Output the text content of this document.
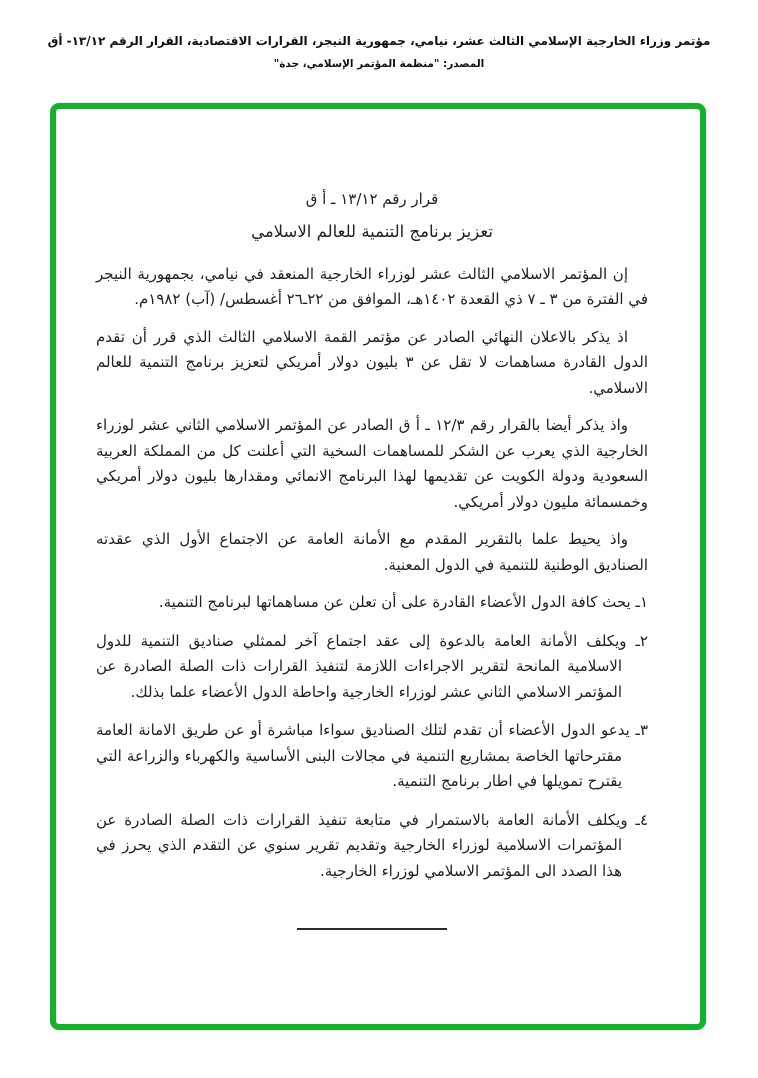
مؤتمر وزراء الخارجية الإسلامي الثالث عشر، نيامي، جمهورية النيجر، القرارات الاقتصادية، القرار الرقم ١٣/١٢- أق
المصدر: "منظمة المؤتمر الإسلامي، جدة"
قرار رقم ١٣/١٢ ـ أ ق
تعزيز برنامج التنمية للعالم الاسلامي

إن المؤتمر الاسلامي الثالث عشر لوزراء الخارجية المنعقد في نيامي، بجمهورية النيجر في الفترة من ٣ ـ ٧ ذي القعدة ١٤٠٢هـ، الموافق من ٢٢ـ٢٦ أغسطس/ (آب) ١٩٨٢م.

اذ يذكر بالاعلان النهائي الصادر عن مؤتمر القمة الاسلامي الثالث الذي قرر أن تقدم الدول القادرة مساهمات لا تقل عن ٣ بليون دولار أمريكي لتعزيز برنامج التنمية للعالم الاسلامي.

واذ يذكر أيضا بالقرار رقم ١٢/٣ ـ أ ق الصادر عن المؤتمر الاسلامي الثاني عشر لوزراء الخارجية الذي يعرب عن الشكر للمساهمات السخية التي أعلنت كل من المملكة العربية السعودية ودولة الكويت عن تقديمها لهذا البرنامج الانمائي ومقدارها بليون دولار أمريكي وخمسمائة مليون دولار أمريكي.

واذ يحيط علما بالتقرير المقدم مع الأمانة العامة عن الاجتماع الأول الذي عقدته الصناديق الوطنية للتنمية في الدول المعنية.

١ـ يحث كافة الدول الأعضاء القادرة على أن تعلن عن مساهماتها لبرنامج التنمية.
٢ـ ويكلف الأمانة العامة بالدعوة إلى عقد اجتماع آخر لممثلي صناديق التنمية للدول الاسلامية المانحة لتقرير الاجراءات اللازمة لتنفيذ القرارات ذات الصلة الصادرة عن المؤتمر الاسلامي الثاني عشر لوزراء الخارجية واحاطة الدول الأعضاء علما بذلك.
٣ـ يدعو الدول الأعضاء أن تقدم لتلك الصناديق سواءا مباشرة أو عن طريق الامانة العامة مقترحاتها الخاصة بمشاريع التنمية في مجالات البنى الأساسية والكهرباء والزراعة التي يقترح تمويلها في اطار برنامج التنمية.
٤ـ ويكلف الأمانة العامة بالاستمرار في متابعة تنفيذ القرارات ذات الصلة الصادرة عن المؤتمرات الاسلامية لوزراء الخارجية وتقديم تقرير سنوي عن التقدم الذي يحرز في هذا الصدد الى المؤتمر الاسلامي لوزراء الخارجية.
